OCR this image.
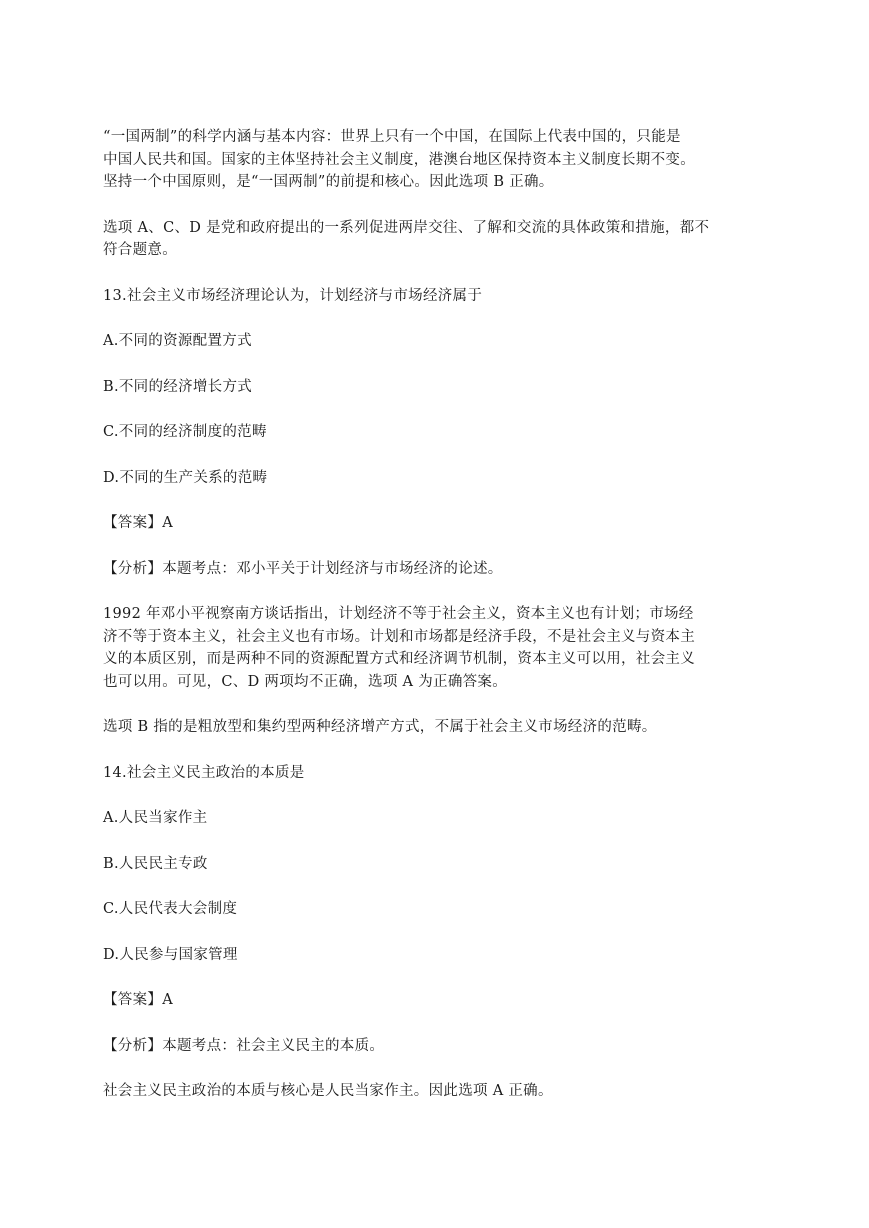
“一国两制”的科学内涵与基本内容：世界上只有一个中国，在国际上代表中国的，只能是
中国人民共和国。国家的主体坚持社会主义制度，港澳台地区保持资本主义制度长期不变。
坚持一个中国原则，是“一国两制”的前提和核心。因此选项 B 正确。

选项 A、C、D 是党和政府提出的一系列促进两岸交往、了解和交流的具体政策和措施，都不
符合题意。

13.社会主义市场经济理论认为，计划经济与市场经济属于

A.不同的资源配置方式

B.不同的经济增长方式

C.不同的经济制度的范畴

D.不同的生产关系的范畴

【答案】A

【分析】本题考点：邓小平关于计划经济与市场经济的论述。

1992 年邓小平视察南方谈话指出，计划经济不等于社会主义，资本主义也有计划；市场经
济不等于资本主义，社会主义也有市场。计划和市场都是经济手段，不是社会主义与资本主
义的本质区别，而是两种不同的资源配置方式和经济调节机制，资本主义可以用，社会主义
也可以用。可见，C、D 两项均不正确，选项 A 为正确答案。

选项 B 指的是粗放型和集约型两种经济增产方式，不属于社会主义市场经济的范畴。

14.社会主义民主政治的本质是

A.人民当家作主

B.人民民主专政

C.人民代表大会制度

D.人民参与国家管理

【答案】A

【分析】本题考点：社会主义民主的本质。

社会主义民主政治的本质与核心是人民当家作主。因此选项 A 正确。
